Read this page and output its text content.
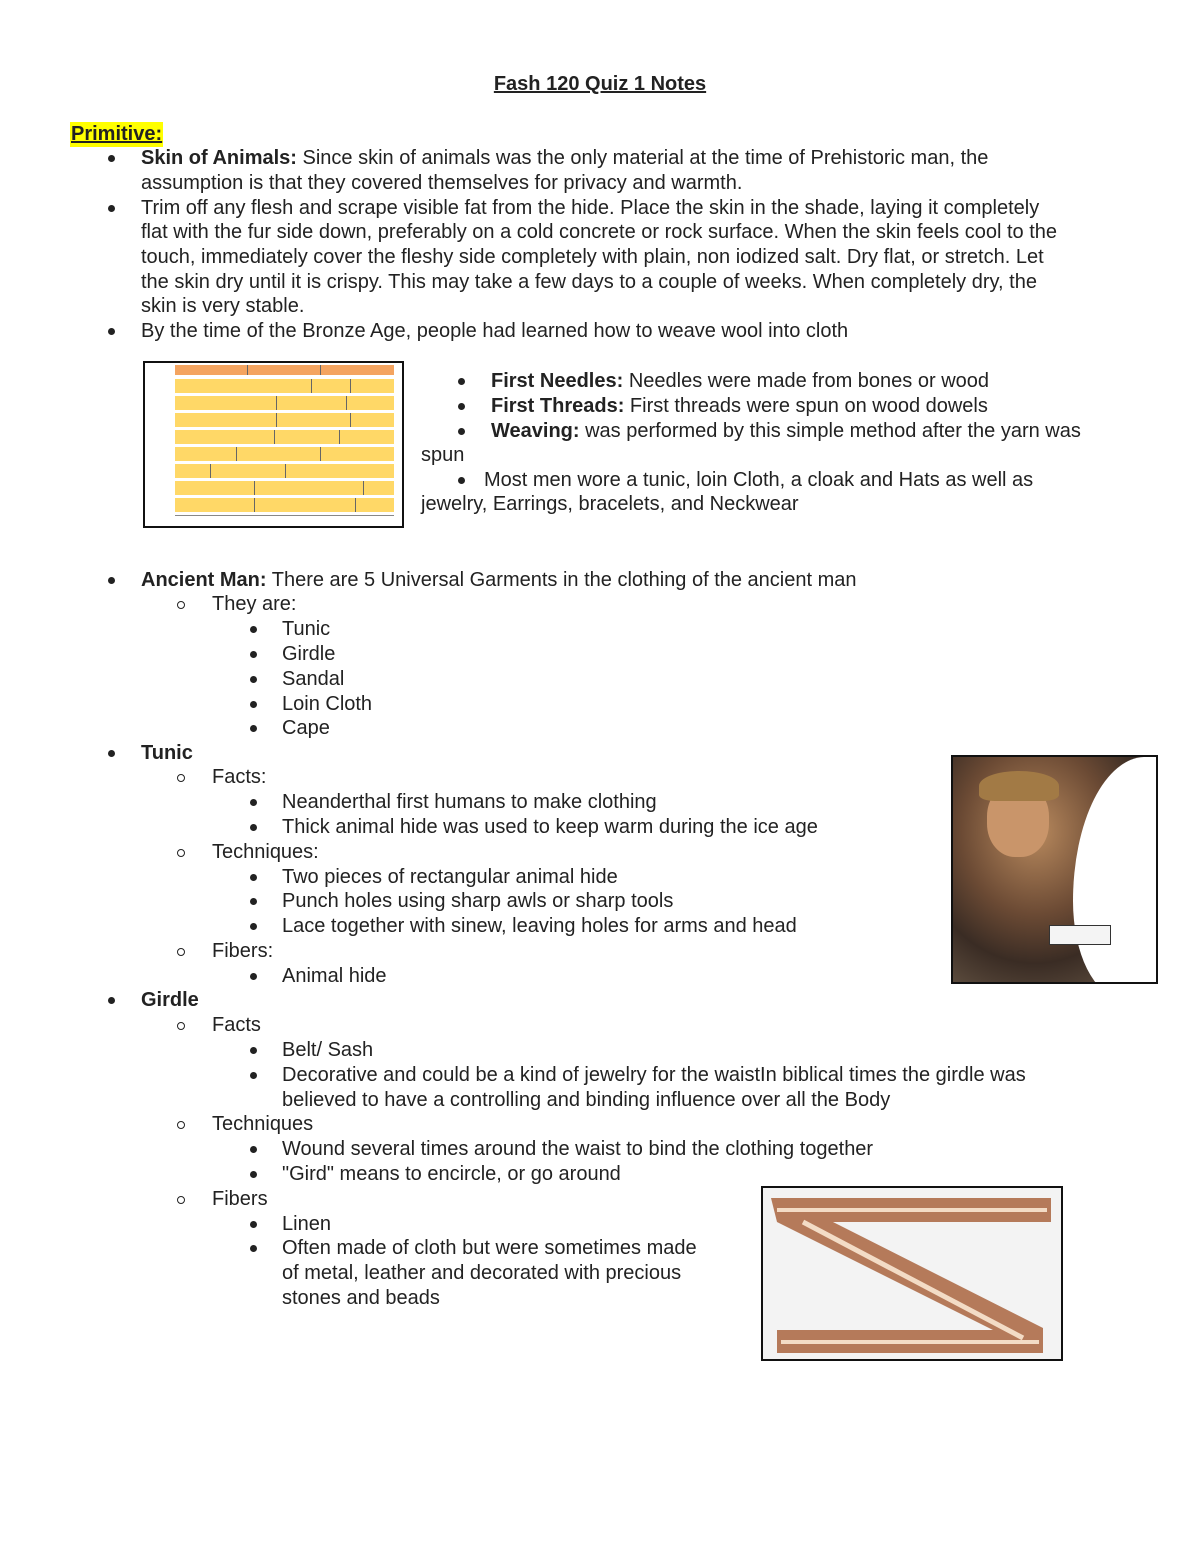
Fash 120 Quiz 1 Notes
Primitive:
Skin of Animals: Since skin of animals was the only material at the time of Prehistoric man, the
assumption is that they covered themselves for privacy and warmth.
Trim off any flesh and scrape visible fat from the hide. Place the skin in the shade, laying it completely
flat with the fur side down, preferably on a cold concrete or rock surface. When the skin feels cool to the
touch, immediately cover the fleshy side completely with plain, non iodized salt. Dry flat, or stretch. Let
the skin dry until it is crispy. This may take a few days to a couple of weeks. When completely dry, the
skin is very stable.
By the time of the Bronze Age, people had learned how to weave wool into cloth
First Needles: Needles were made from bones or wood
First Threads: First threads were spun on wood dowels
Weaving: was performed by this simple method after the yarn was
spun
Most men wore a tunic, loin Cloth, a cloak and Hats as well as
jewelry, Earrings, bracelets, and Neckwear
Ancient Man: There are 5 Universal Garments in the clothing of the ancient man
They are:
Tunic
Girdle
Sandal
Loin Cloth
Cape
Tunic
Facts:
Neanderthal first humans to make clothing
Thick animal hide was used to keep warm during the ice age
Techniques:
Two pieces of rectangular animal hide
Punch holes using sharp awls or sharp tools
Lace together with sinew, leaving holes for arms and head
Fibers:
Animal hide
Girdle
Facts
Belt/ Sash
Decorative and could be a kind of jewelry for the waistIn biblical times the girdle was
believed to have a controlling and binding influence over all the Body
Techniques
Wound several times around the waist to bind the clothing together
"Gird" means to encircle, or go around
Fibers
Linen
Often made of cloth but were sometimes made
of metal, leather and decorated with precious
stones and beads
